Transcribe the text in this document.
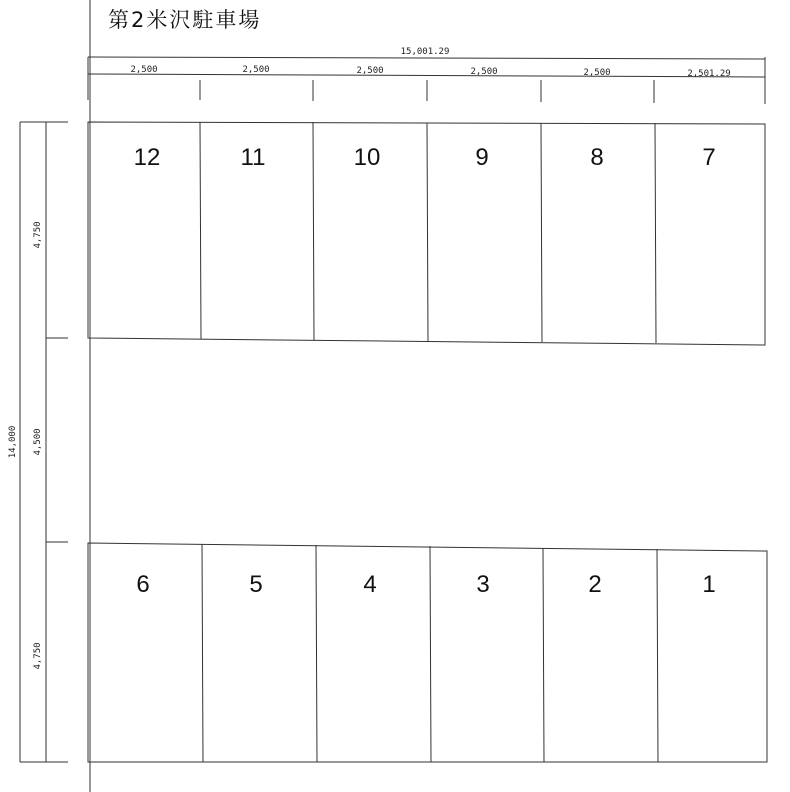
第2米沢駐車場
15,001.29
2,500	2,500	2,500	2,500	2,500	2,501.29
14,000
4,750
4,500
4,750
12	11	10	9	8	7
6	5	4	3	2	1
